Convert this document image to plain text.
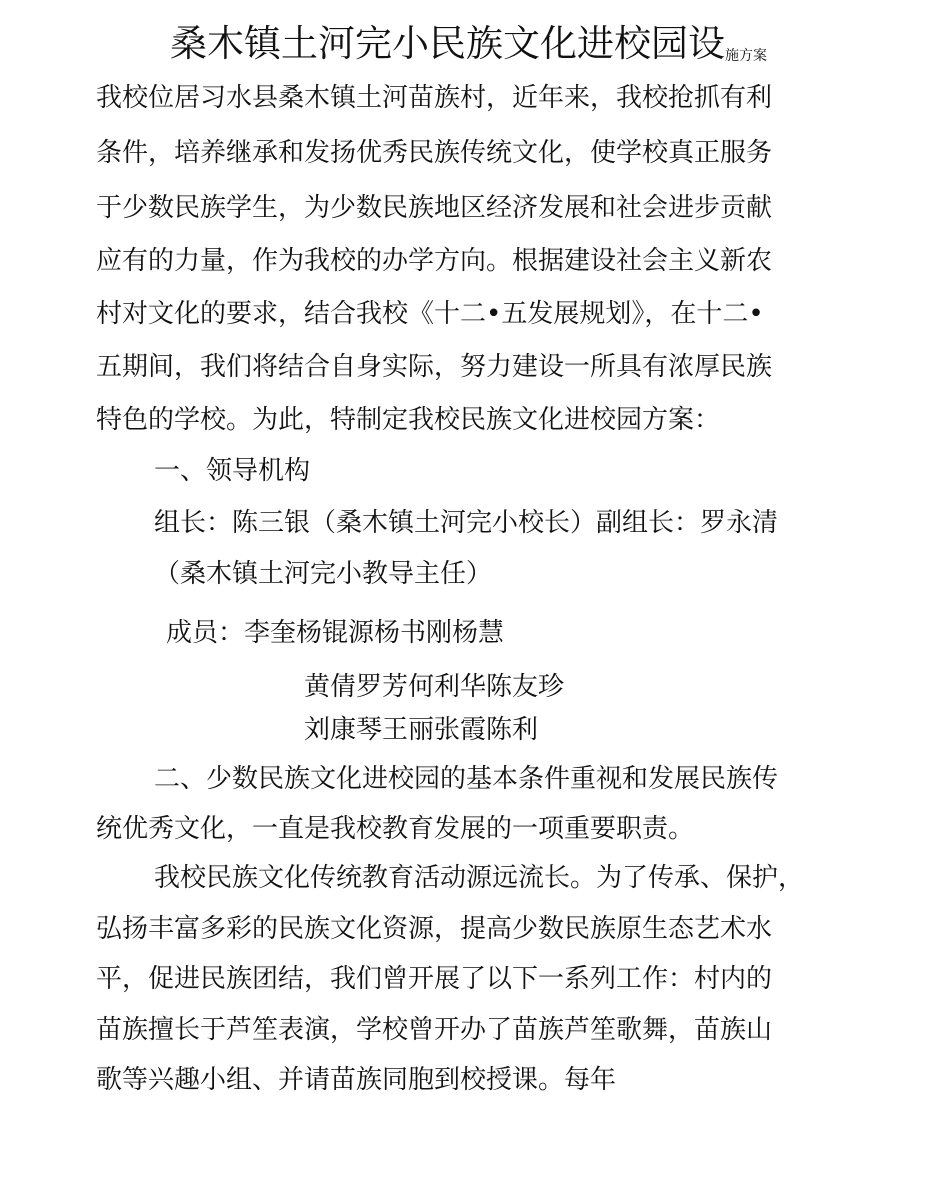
桑木镇土河完小民族文化进校园设$^{施方案}$

我校位居习水县桑木镇土河苗族村，近年来，我校抢抓有利

条件，培养继承和发扬优秀民族传统文化，使学校真正服务

于少数民族学生，为少数民族地区经济发展和社会进步贡献

应有的力量，作为我校的办学方向。根据建设社会主义新农

村对文化的要求，结合我校《十二•五发展规划》，在十二•

五期间，我们将结合自身实际，努力建设一所具有浓厚民族

特色的学校。为此，特制定我校民族文化进校园方案：

一、领导机构

组长：陈三银（桑木镇土河完小校长）副组长：罗永清

（桑木镇土河完小教导主任）

成员：李奎杨锟源杨书刚杨慧

黄倩罗芳何利华陈友珍

刘康琴王丽张霞陈利

二、少数民族文化进校园的基本条件重视和发展民族传

统优秀文化，一直是我校教育发展的一项重要职责。

我校民族文化传统教育活动源远流长。为了传承、保护，

弘扬丰富多彩的民族文化资源，提高少数民族原生态艺术水

平，促进民族团结，我们曾开展了以下一系列工作：村内的

苗族擅长于芦笙表演，学校曾开办了苗族芦笙歌舞，苗族山

歌等兴趣小组、并请苗族同胞到校授课。每年
